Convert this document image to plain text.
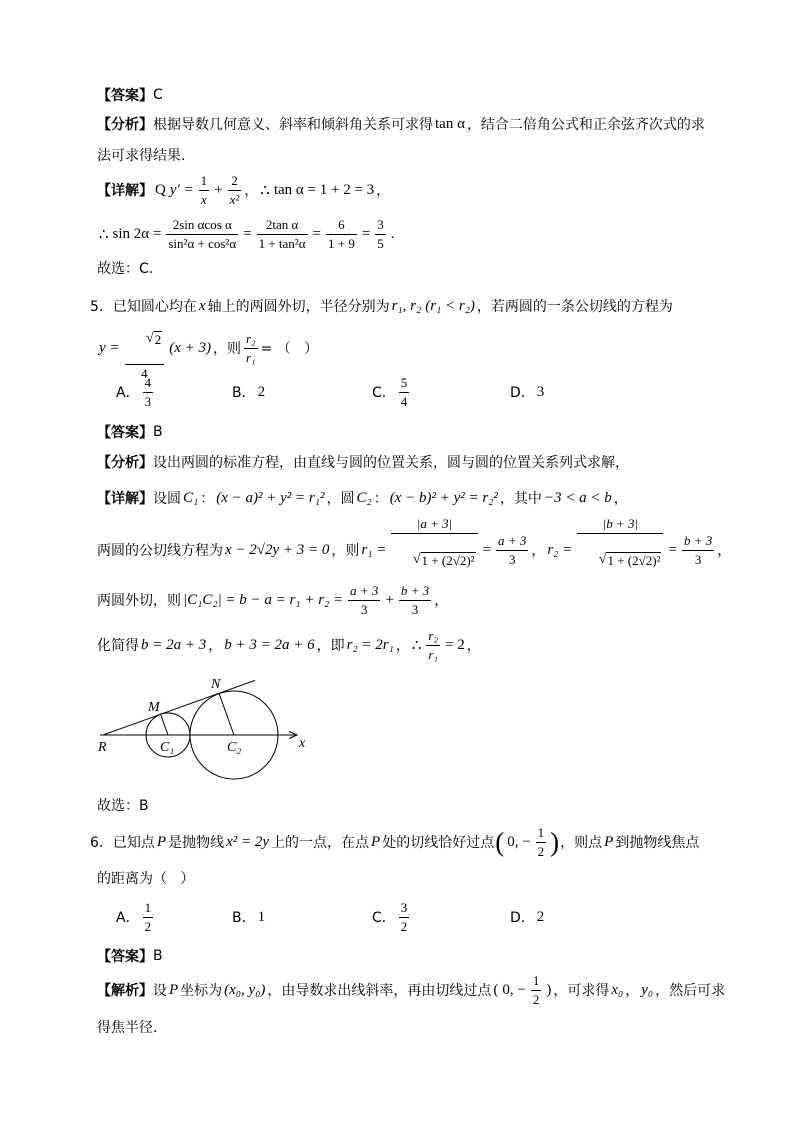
【答案】 C
【分析】 根据导数几何意义、斜率和倾斜角关系可求得 tan α ，结合二倍角公式和正余弦齐次式的求
法可求得结果.
【详解】 Q $y' = \frac{1}{x} + \frac{2}{\text{x²}}$ ， ∴ tan α = 1 + 2 = 3 ，
∴ $\sin 2\alpha = \frac{\text{2sin αcos α}}{\text{sin²α + cos²α}} = \frac{\text{2tan α}}{\text{1 + tan²α}} = \frac{6}{1 + 9} = \frac{3}{5}$ .
故选：C.
5．已知圆心均在 x 轴上的两圆外切，半径分别为 r₁, r₂ (r₁ < r₂) ，若两圆的一条公切线的方程为
y =

$\frac{√ 2}{4} (x + 3)$ ，则 $\frac{\text{r₂}}{\text{r₁}}$ = （   ）
A． $\frac{4}{3}$	B． 2	C． $\frac{5}{4}$	D． 3
【答案】 B
【分析】 设出两圆的标准方程，由直线与圆的位置关系，圆与圆的位置关系列式求解，
【详解】 设圆 C₁ ： (x − a)² + y² = r₁² ，圆 C₂ ： (x − b)² + y² = r₂² ，其中 −3 < a < b ，
两圆的公切线方程为 x − 2√2y + 3 = 0 ，则 $r_1 = \frac{|a + 3|}{\text{√ 1 + (2√2)²}}$

= $\frac{a + 3}{3}$ ， $r_2 = \frac{|b + 3|}{\text{√ 1 + (2√2)²}}$

= $\frac{b + 3}{3}$ ，
两圆外切，则 $|C_1C_2| = b - a = r_1 + r_2 = \frac{a + 3}{3} + \frac{b + 3}{3}$ ，
化简得 b = 2a + 3 ， b + 3 = 2a + 6 ，即 r₂ = 2r₁ ， ∴ $\frac{\text{r₂}}{\text{r₁}} = 2$ ，
R
M
N
C₁	C₂	x
故选：B
6．已知点 P 是抛物线 x² = 2y 上的一点，在点 P 处的切线恰好过点 ( 0, − $\frac{1}{2}$ ) ，则点 P 到抛物线焦点
的距离为（   ）
A． $\frac{1}{2}$	B． 1	C． $\frac{3}{2}$	D． 2
【答案】 B
【解析】 设 P 坐标为 (x₀, y₀) ，由导数求出线斜率，再由切线过点 ( 0, − $\frac{1}{2}$ ) ，可求得 x₀ ， y₀ ，然后可求
得焦半径．
